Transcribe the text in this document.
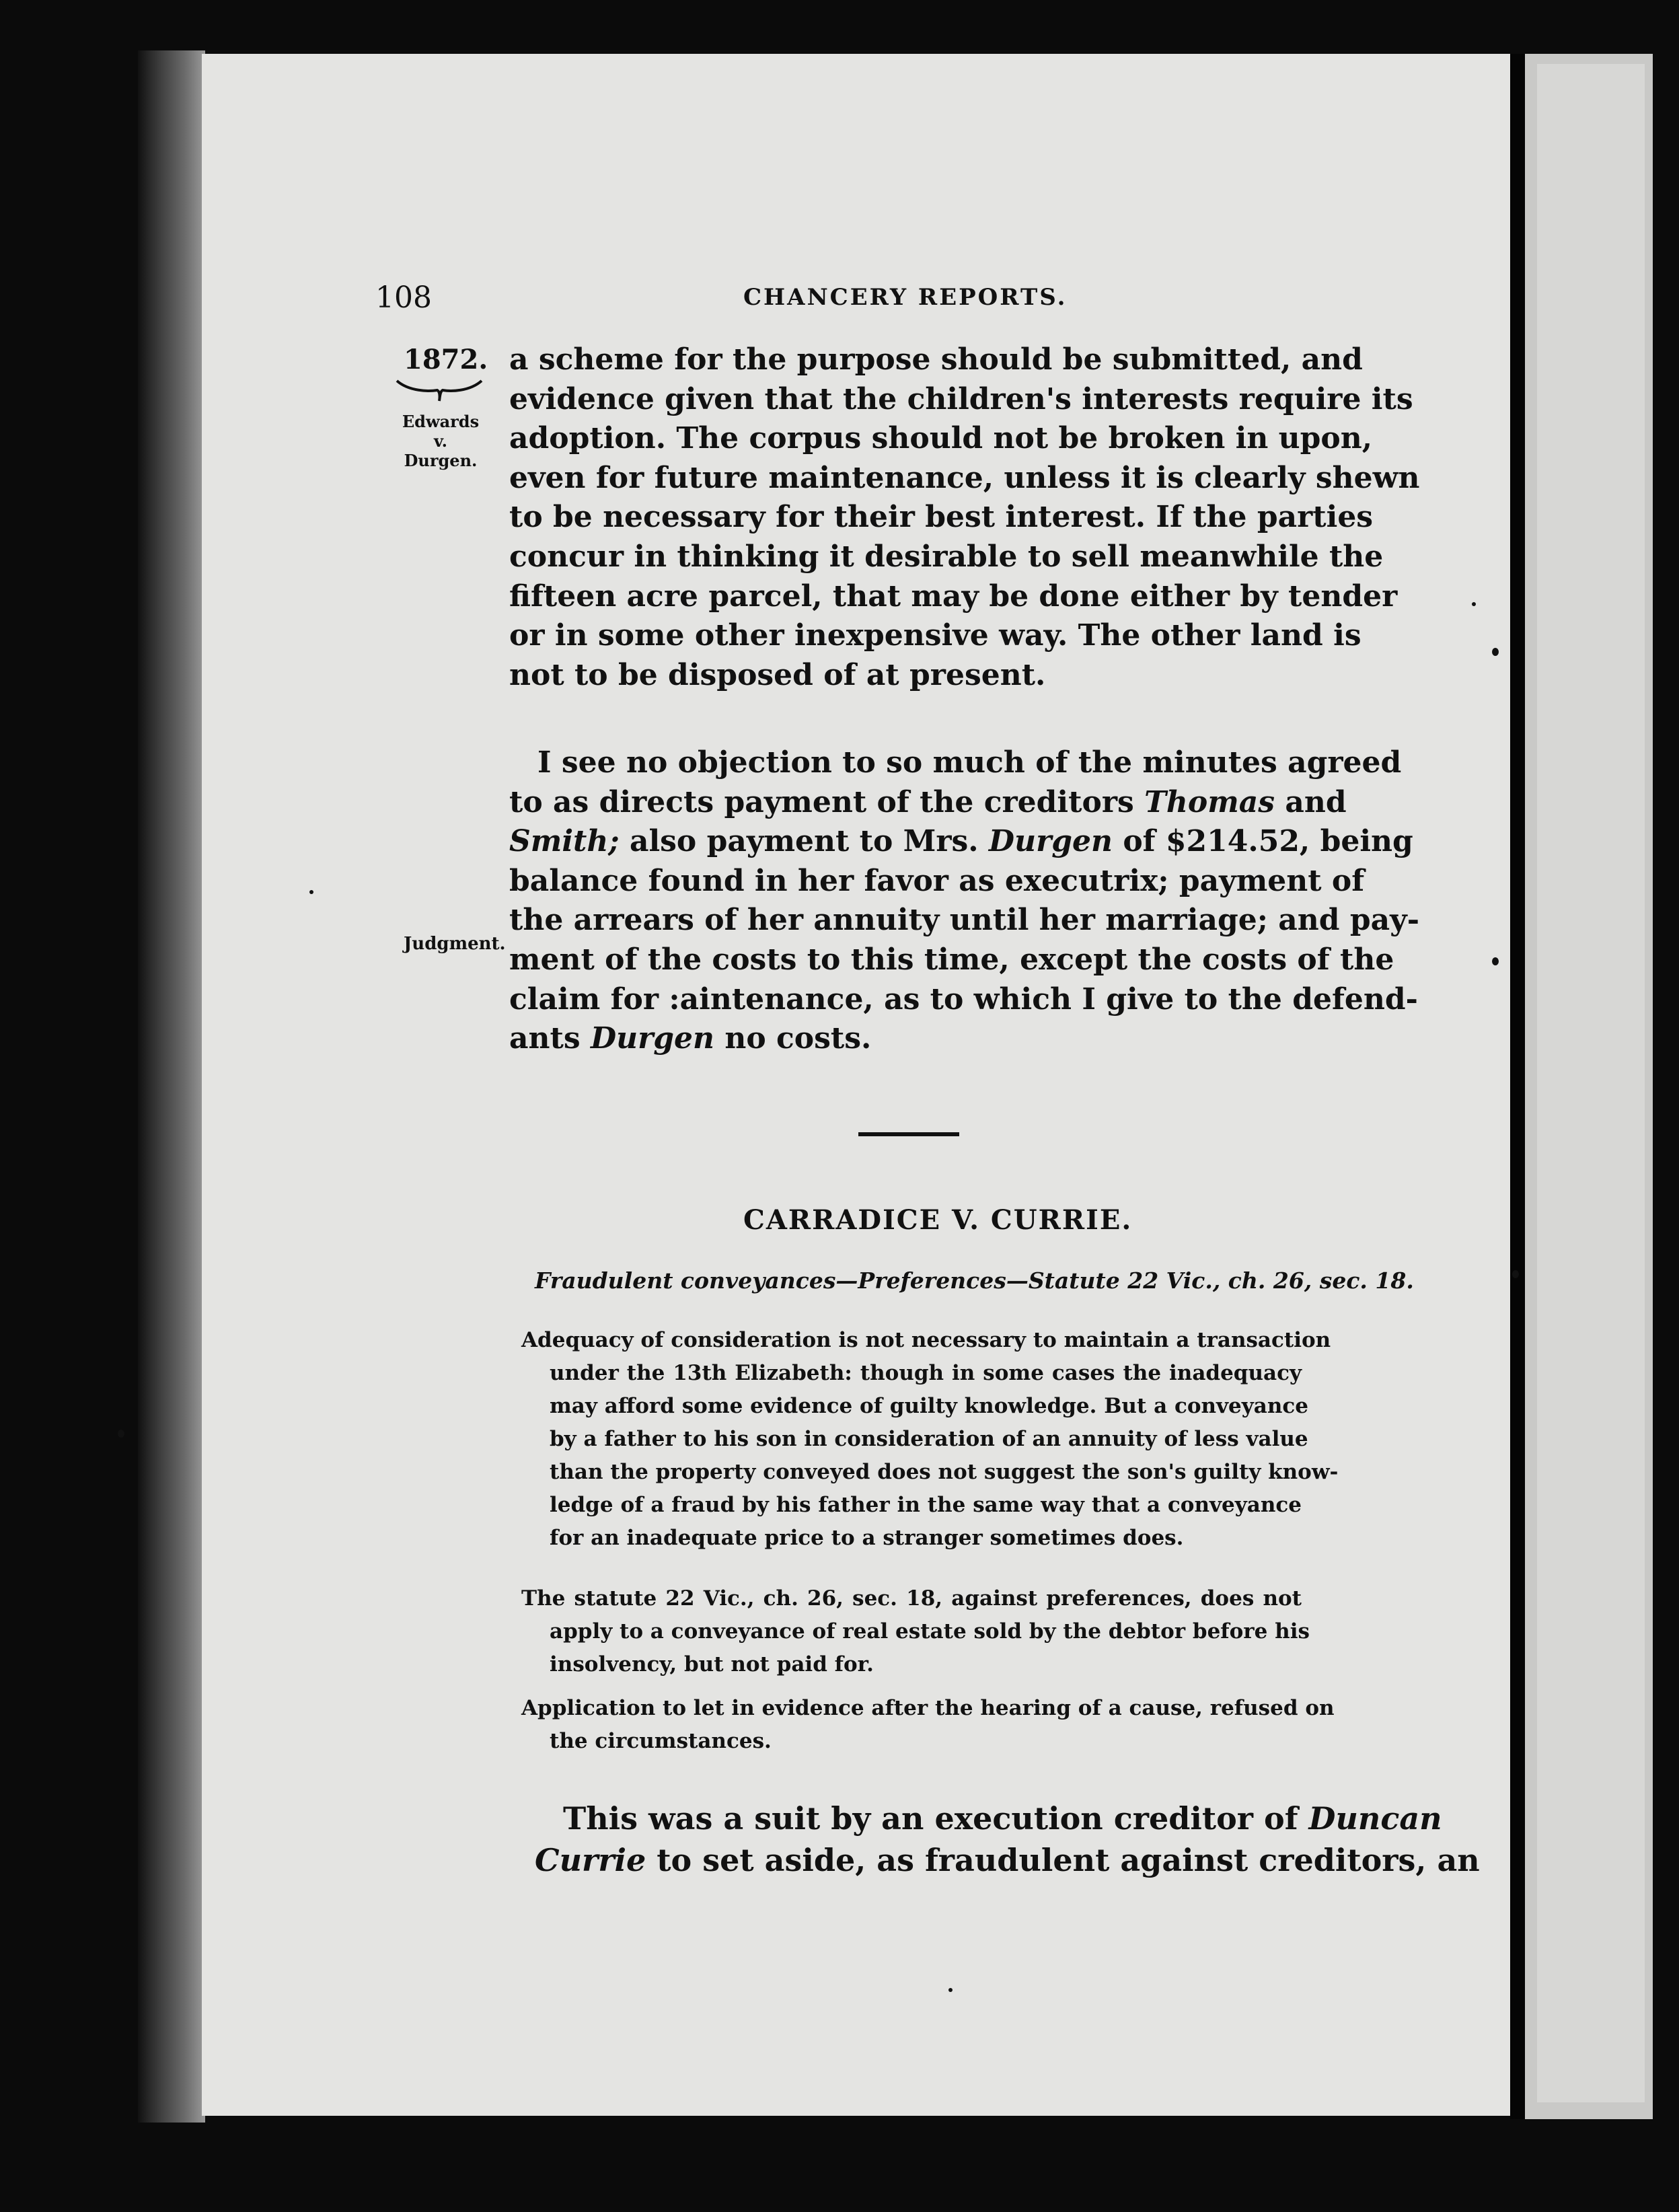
108	CHANCERY REPORTS.
1872.
Edwards
v.
Durgen.
Judgment.
a scheme for the purpose should be submitted, and
evidence given that the children's interests require its
adoption. The corpus should not be broken in upon,
even for future maintenance, unless it is clearly shewn
to be necessary for their best interest. If the parties
concur in thinking it desirable to sell meanwhile the
fifteen acre parcel, that may be done either by tender
or in some other inexpensive way. The other land is
not to be disposed of at present.
I see no objection to so much of the minutes agreed
to as directs payment of the creditors Thomas and
Smith; also payment to Mrs. Durgen of $214.52, being
balance found in her favor as executrix; payment of
the arrears of her annuity until her marriage; and pay-
ment of the costs to this time, except the costs of the
claim for :aintenance, as to which I give to the defend-
ants Durgen no costs.
CARRADICE V. CURRIE.
Fraudulent conveyances—Preferences—Statute 22 Vic., ch. 26, sec. 18.
Adequacy of consideration is not necessary to maintain a transaction
under the 13th Elizabeth: though in some cases the inadequacy
may afford some evidence of guilty knowledge. But a conveyance
by a father to his son in consideration of an annuity of less value
than the property conveyed does not suggest the son's guilty know-
ledge of a fraud by his father in the same way that a conveyance
for an inadequate price to a stranger sometimes does.
The statute 22 Vic., ch. 26, sec. 18, against preferences, does not
apply to a conveyance of real estate sold by the debtor before his
insolvency, but not paid for.
Application to let in evidence after the hearing of a cause, refused on
the circumstances.
This was a suit by an execution creditor of Duncan
Currie to set aside, as fraudulent against creditors, an
